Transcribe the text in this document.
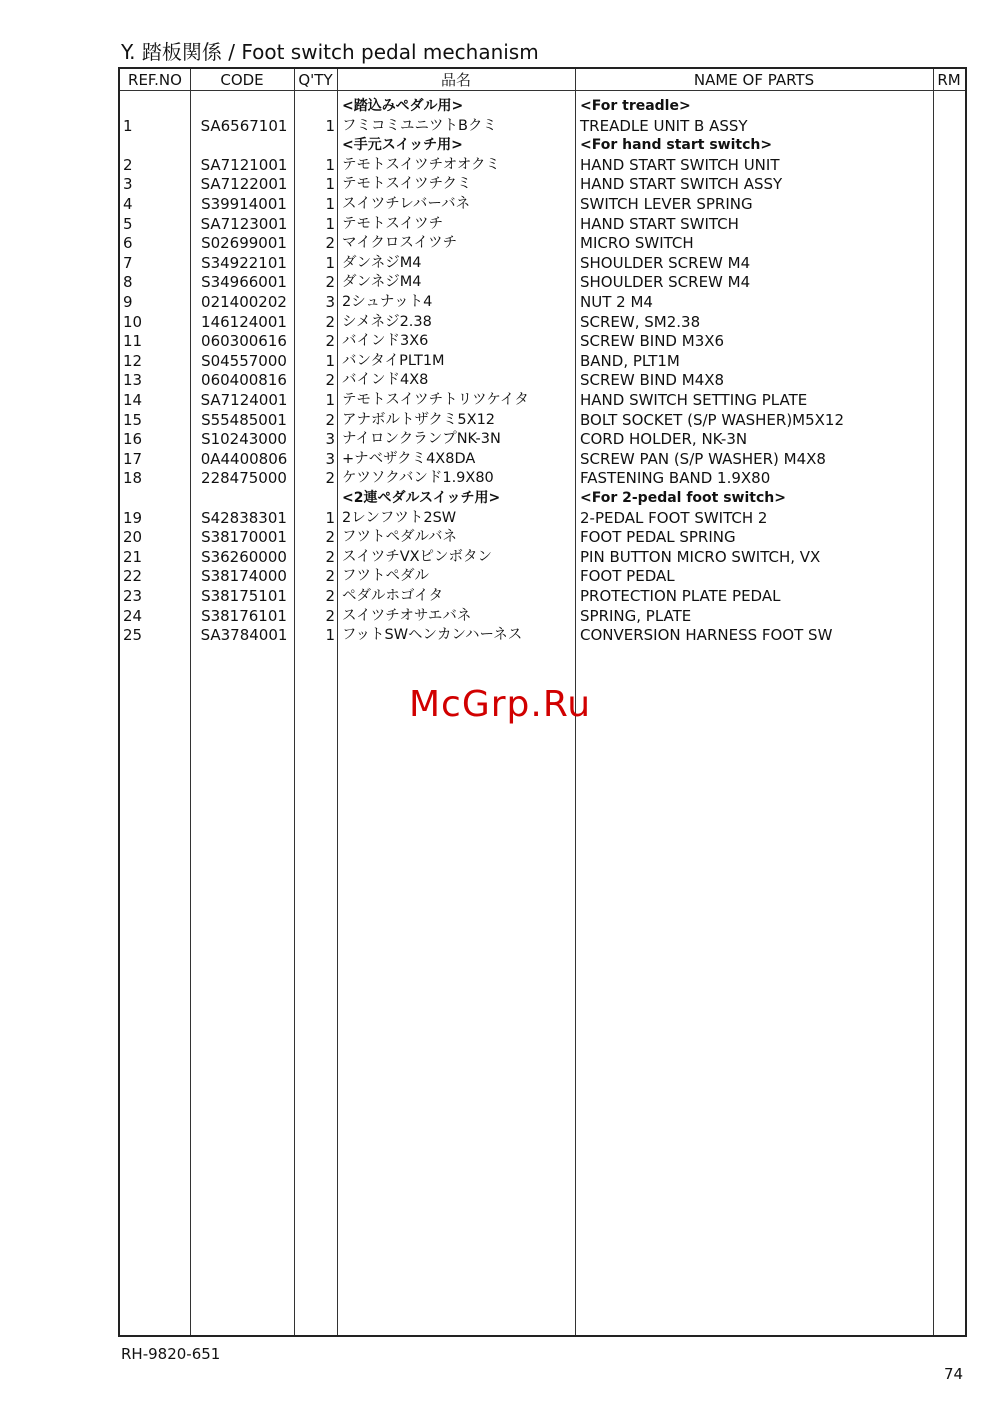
Y. 踏板関係 / Foot switch pedal mechanism
REF.NO	CODE	Q'TY	品名	NAME OF PARTS	RM
<踏込みペダル用>	<For treadle>
1	SA6567101	1 フミコミユニツトBクミ	TREADLE UNIT B ASSY
<手元スイッチ用>	<For hand start switch>
2	SA7121001	1 テモトスイツチオオクミ	HAND START SWITCH UNIT
3	SA7122001	1 テモトスイツチクミ	HAND START SWITCH ASSY
4	S39914001	1 スイツチレバーバネ	SWITCH LEVER SPRING
5	SA7123001	1 テモトスイツチ	HAND START SWITCH
6	S02699001	2 マイクロスイツチ	MICRO SWITCH
7	S34922101	1 ダンネジM4	SHOULDER SCREW M4
8	S34966001	2 ダンネジM4	SHOULDER SCREW M4
9	021400202	3 2シュナット4	NUT 2 M4
10	146124001	2 シメネジ2.38	SCREW, SM2.38
11	060300616	2 バインド3X6	SCREW BIND M3X6
12	S04557000	1 バンタイPLT1M	BAND, PLT1M
13	060400816	2 バインド4X8	SCREW BIND M4X8
14	SA7124001	1 テモトスイツチトリツケイタ	HAND SWITCH SETTING PLATE
15	S55485001	2 アナボルトザクミ5X12	BOLT SOCKET (S/P WASHER)M5X12
16	S10243000	3 ナイロンクランプNK-3N	CORD HOLDER, NK-3N
17	0A4400806	3 +ナベザクミ4X8DA	SCREW PAN (S/P WASHER) M4X8
18	228475000	2 ケツソクバンド1.9X80	FASTENING BAND 1.9X80
<2連ペダルスイッチ用>	<For 2-pedal foot switch>
19	S42838301	1 2レンフツト2SW	2-PEDAL FOOT SWITCH 2
20	S38170001	2 フツトペダルバネ	FOOT PEDAL SPRING
21	S36260000	2 スイツチVXピンボタン	PIN BUTTON MICRO SWITCH, VX
22	S38174000	2 フツトペダル	FOOT PEDAL
23	S38175101	2 ペダルホゴイタ	PROTECTION PLATE PEDAL
24	S38176101	2 スイツチオサエバネ	SPRING, PLATE
25	SA3784001	1 フットSWヘンカンハーネス	CONVERSION HARNESS FOOT SW
McGrp.Ru
RH-9820-651
74
